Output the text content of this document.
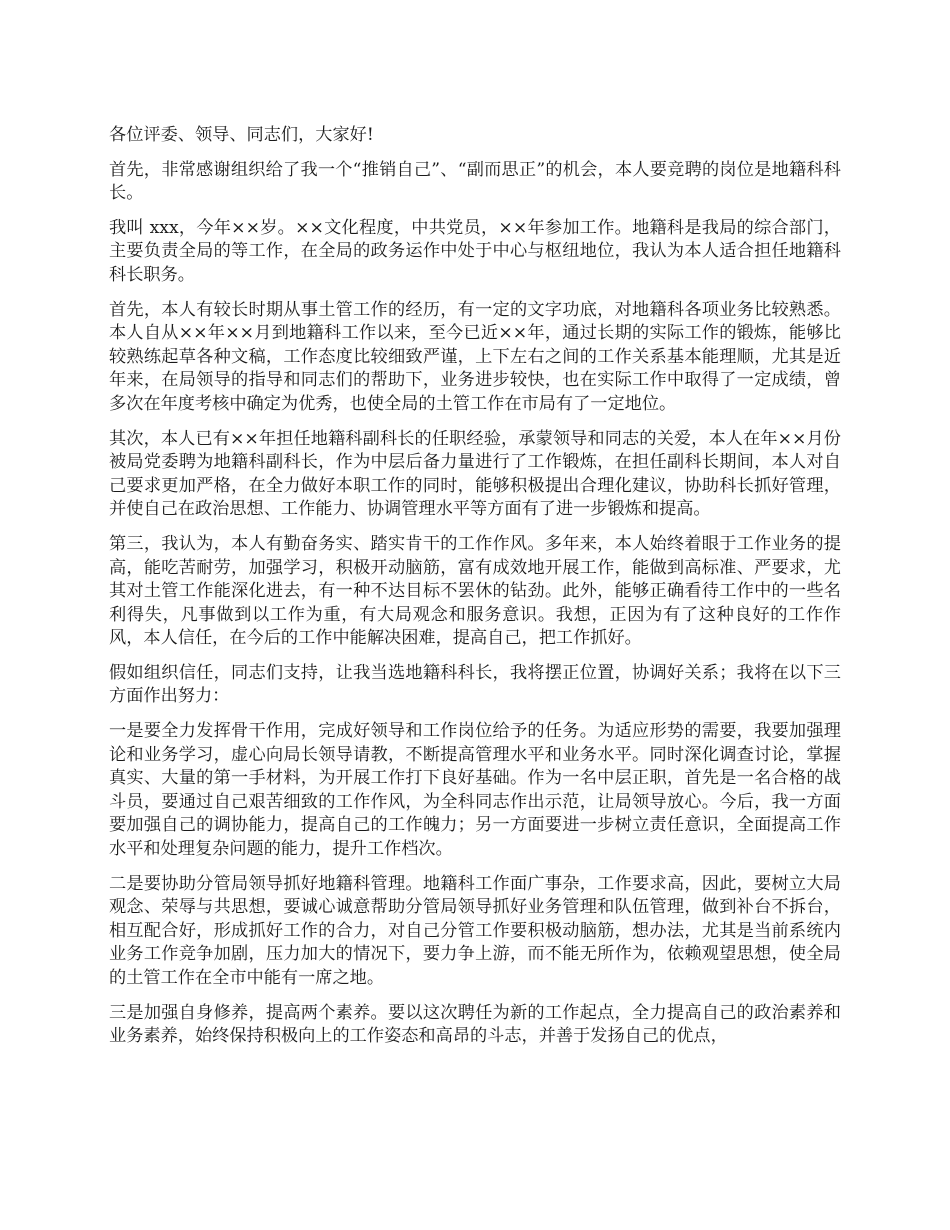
各位评委、领导、同志们，大家好!

首先，非常感谢组织给了我一个“推销自己”、“副而思正”的机会，本人要竞聘的岗位是地籍科科长。

我叫 xxx，今年××岁。××文化程度，中共党员，××年参加工作。地籍科是我局的综合部门，主要负责全局的等工作，在全局的政务运作中处于中心与枢纽地位，我认为本人适合担任地籍科科长职务。

首先，本人有较长时期从事土管工作的经历，有一定的文字功底，对地籍科各项业务比较熟悉。本人自从××年××月到地籍科工作以来，至今已近××年，通过长期的实际工作的锻炼，能够比较熟练起草各种文稿，工作态度比较细致严谨，上下左右之间的工作关系基本能理顺，尤其是近年来，在局领导的指导和同志们的帮助下，业务进步较快，也在实际工作中取得了一定成绩，曾多次在年度考核中确定为优秀，也使全局的土管工作在市局有了一定地位。

其次，本人已有××年担任地籍科副科长的任职经验，承蒙领导和同志的关爱，本人在年××月份被局党委聘为地籍科副科长，作为中层后备力量进行了工作锻炼，在担任副科长期间，本人对自己要求更加严格，在全力做好本职工作的同时，能够积极提出合理化建议，协助科长抓好管理，并使自己在政治思想、工作能力、协调管理水平等方面有了进一步锻炼和提高。

第三，我认为，本人有勤奋务实、踏实肯干的工作作风。多年来，本人始终着眼于工作业务的提高，能吃苦耐劳，加强学习，积极开动脑筋，富有成效地开展工作，能做到高标准、严要求，尤其对土管工作能深化进去，有一种不达目标不罢休的钻劲。此外，能够正确看待工作中的一些名利得失，凡事做到以工作为重，有大局观念和服务意识。我想，正因为有了这种良好的工作作风，本人信任，在今后的工作中能解决困难，提高自己，把工作抓好。

假如组织信任，同志们支持，让我当选地籍科科长，我将摆正位置，协调好关系；我将在以下三方面作出努力：

一是要全力发挥骨干作用，完成好领导和工作岗位给予的任务。为适应形势的需要，我要加强理论和业务学习，虚心向局长领导请教，不断提高管理水平和业务水平。同时深化调查讨论，掌握真实、大量的第一手材料，为开展工作打下良好基础。作为一名中层正职，首先是一名合格的战斗员，要通过自己艰苦细致的工作作风，为全科同志作出示范，让局领导放心。今后，我一方面要加强自己的调协能力，提高自己的工作魄力；另一方面要进一步树立责任意识，全面提高工作水平和处理复杂问题的能力，提升工作档次。

二是要协助分管局领导抓好地籍科管理。地籍科工作面广事杂，工作要求高，因此，要树立大局观念、荣辱与共思想，要诚心诚意帮助分管局领导抓好业务管理和队伍管理，做到补台不拆台，相互配合好，形成抓好工作的合力，对自己分管工作要积极动脑筋，想办法，尤其是当前系统内业务工作竞争加剧，压力加大的情况下，要力争上游，而不能无所作为，依赖观望思想，使全局的土管工作在全市中能有一席之地。

三是加强自身修养，提高两个素养。要以这次聘任为新的工作起点，全力提高自己的政治素养和业务素养，始终保持积极向上的工作姿态和高昂的斗志，并善于发扬自己的优点，
